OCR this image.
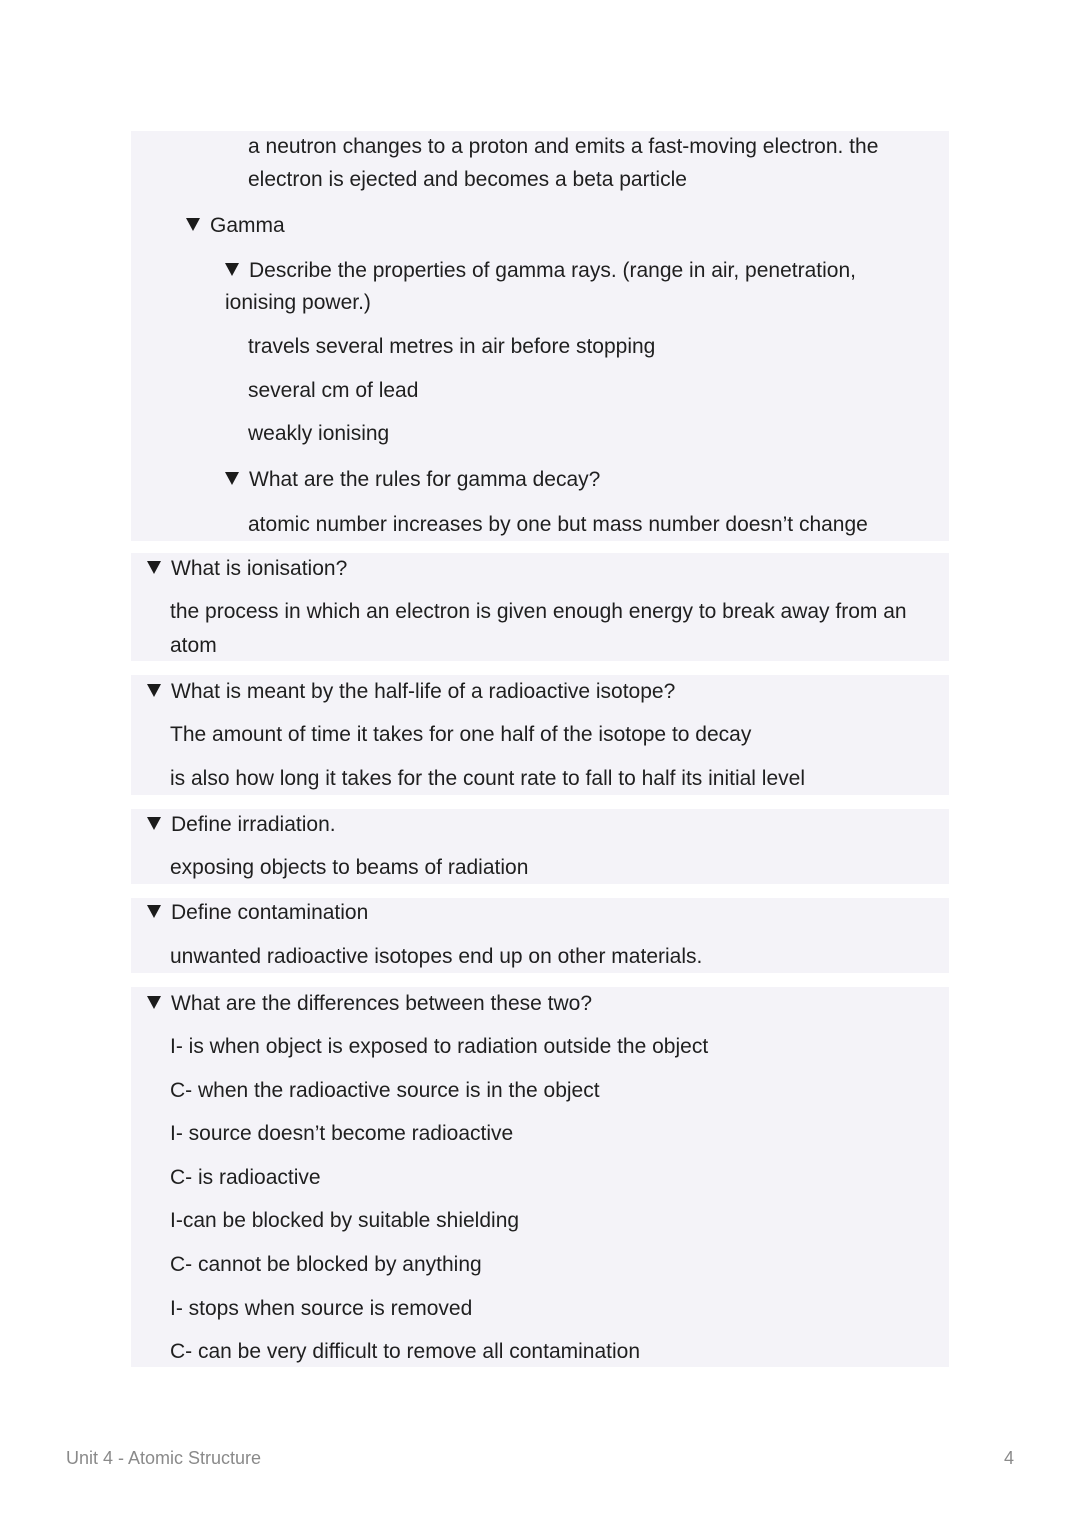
a neutron changes to a proton and emits a fast-moving electron. the
electron is ejected and becomes a beta particle
Gamma
Describe the properties of gamma rays. (range in air, penetration,
ionising power.)
travels several metres in air before stopping
several cm of lead
weakly ionising
What are the rules for gamma decay?
atomic number increases by one but mass number doesn’t change
What is ionisation?
the process in which an electron is given enough energy to break away from an
atom
What is meant by the half-life of a radioactive isotope?
The amount of time it takes for one half of the isotope to decay
is also how long it takes for the count rate to fall to half its initial level
Define irradiation.
exposing objects to beams of radiation
Define contamination
unwanted radioactive isotopes end up on other materials.
What are the differences between these two?
I- is when object is exposed to radiation outside the object
C- when the radioactive source is in the object
I- source doesn’t become radioactive
C- is radioactive
I-can be blocked by suitable shielding
C- cannot be blocked by anything
I- stops when source is removed
C- can be very difficult to remove all contamination
Unit 4 - Atomic Structure	4
